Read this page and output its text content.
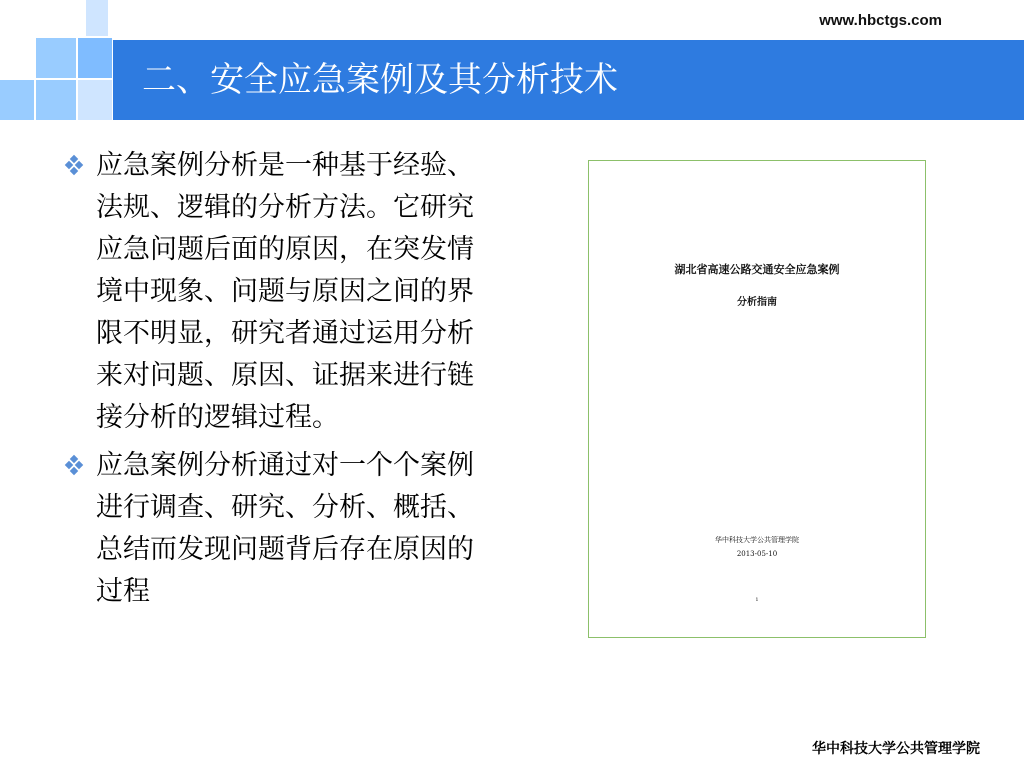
www.hbctgs.com
二、安全应急案例及其分析技术
应急案例分析是一种基于经验、法规、逻辑的分析方法。它研究应急问题后面的原因，在突发情境中现象、问题与原因之间的界限不明显，研究者通过运用分析来对问题、原因、证据来进行链接分析的逻辑过程。
应急案例分析通过对一个个案例进行调查、研究、分析、概括、总结而发现问题背后存在原因的过程
湖北省高速公路交通安全应急案例
分析指南
华中科技大学公共管理学院
2013-05-10
1
华中科技大学公共管理学院
